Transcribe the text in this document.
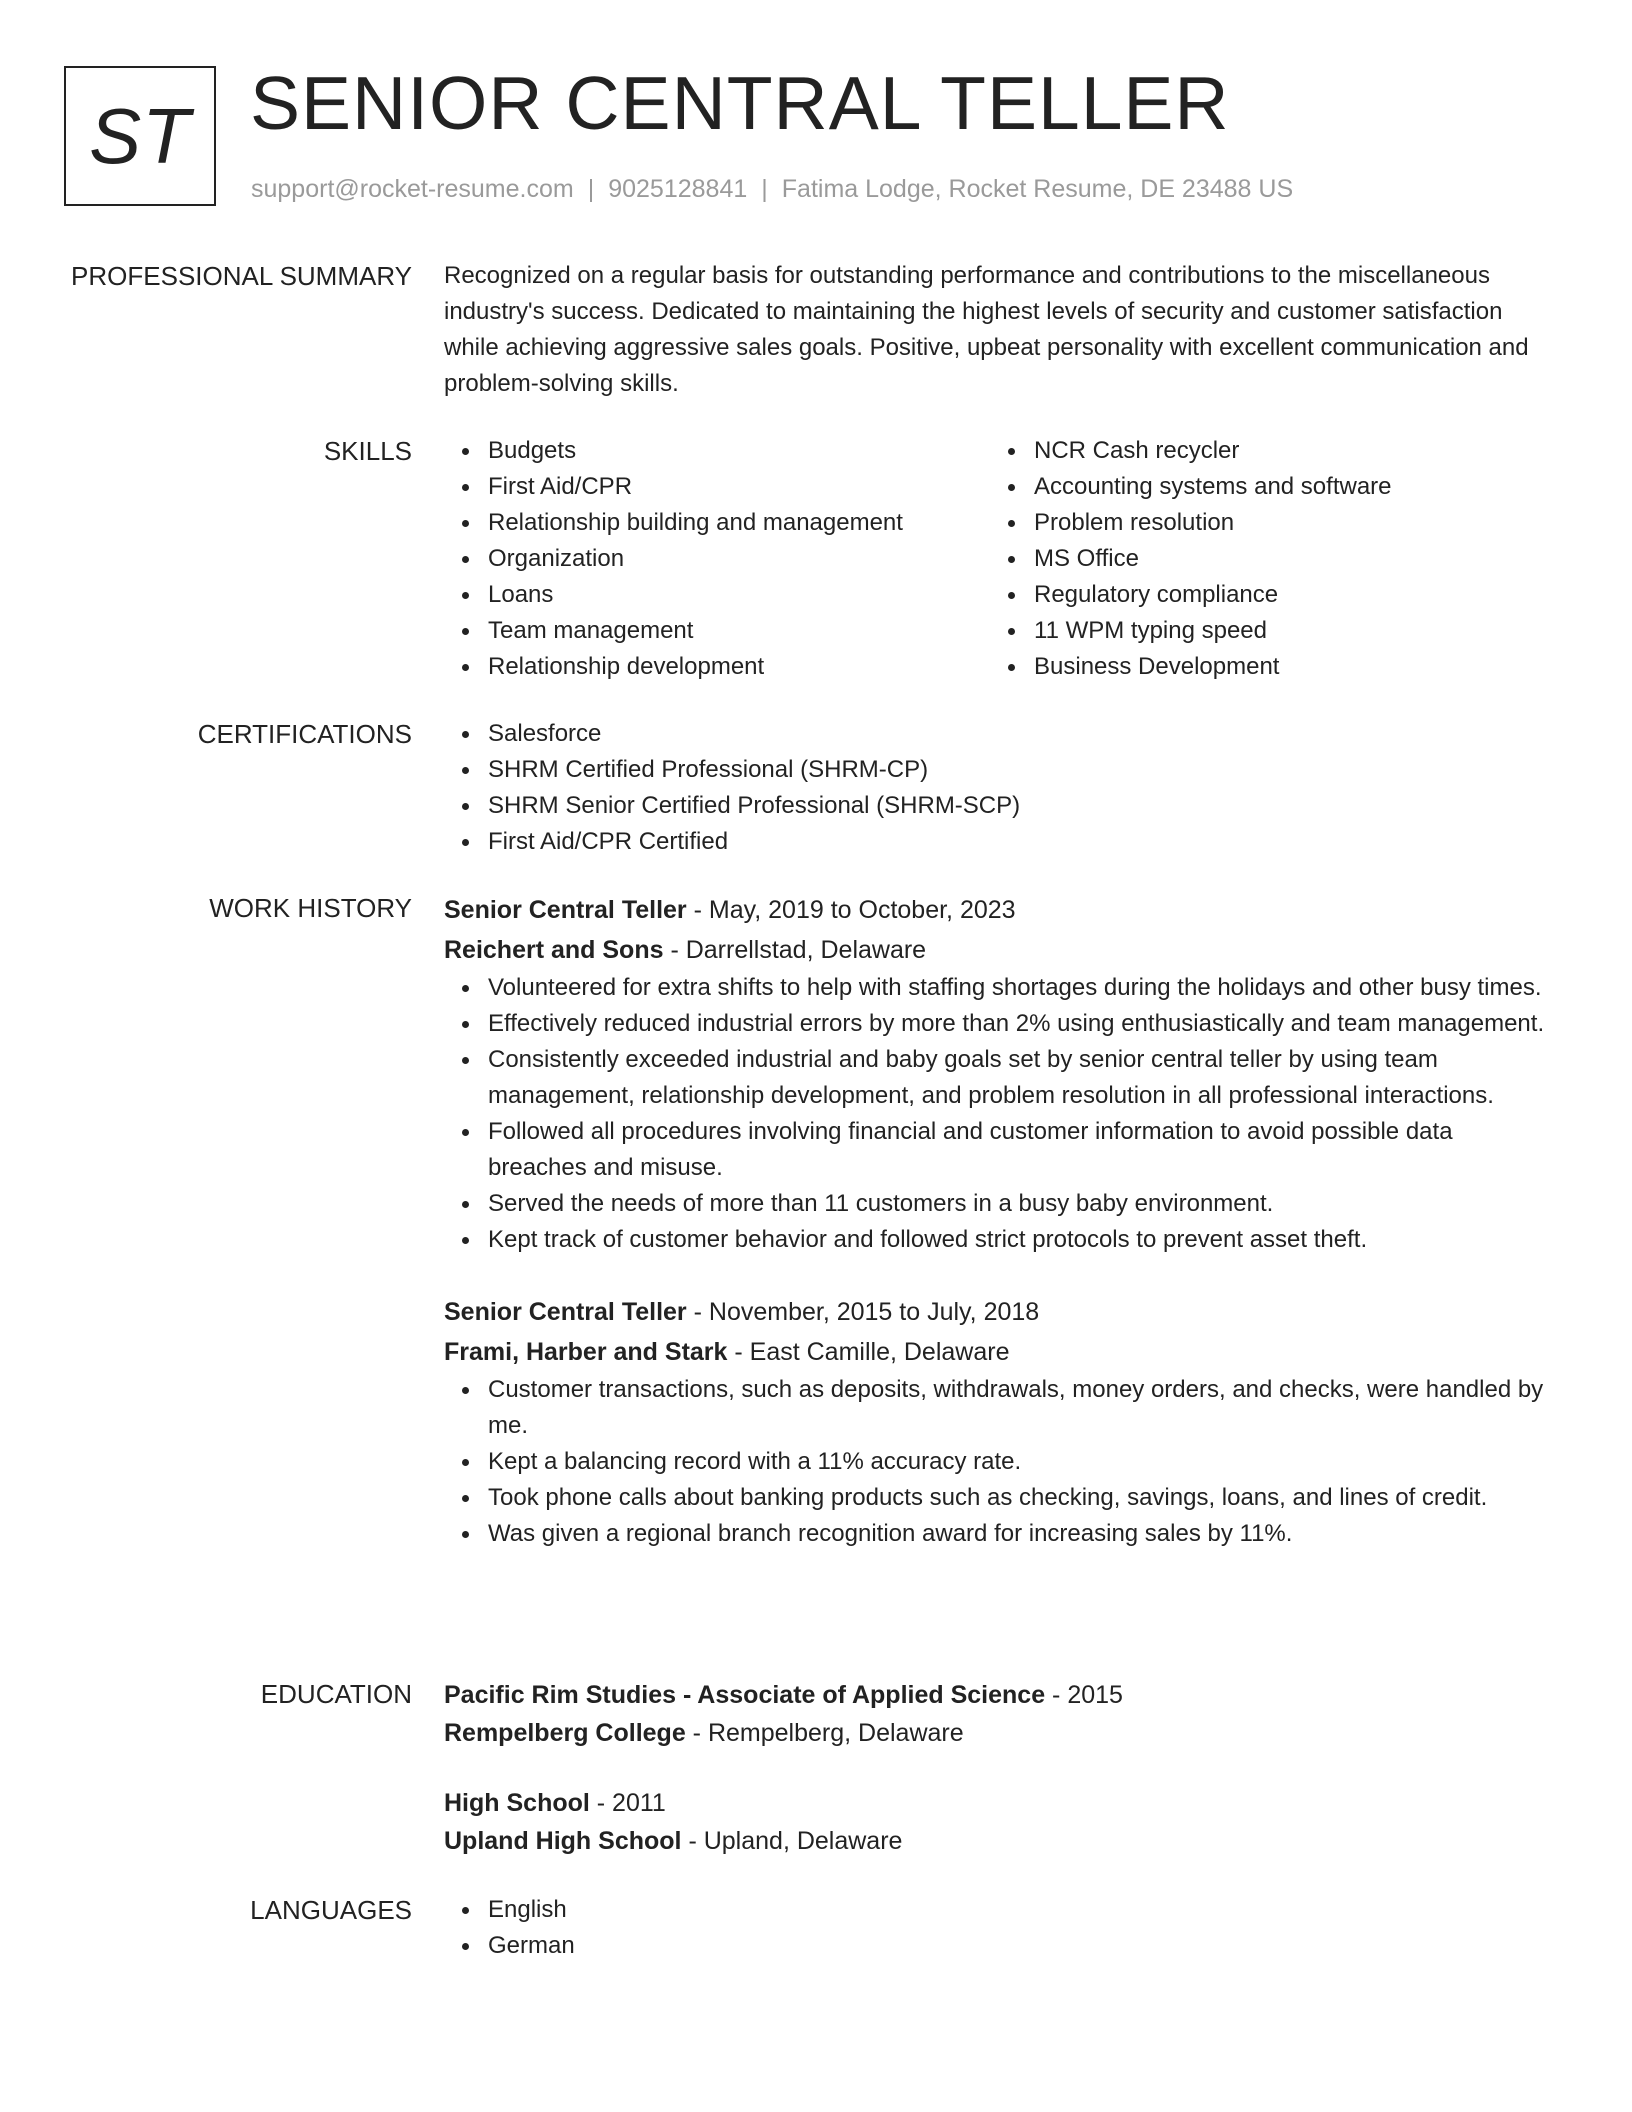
ST SENIOR CENTRAL TELLER
support@rocket-resume.com | 9025128841 | Fatima Lodge, Rocket Resume, DE 23488 US
PROFESSIONAL SUMMARY Recognized on a regular basis for outstanding performance and contributions to the miscellaneous industry's success. Dedicated to maintaining the highest levels of security and customer satisfaction while achieving aggressive sales goals. Positive, upbeat personality with excellent communication and problem-solving skills.

SKILLS	Budgets
First Aid/CPR
Relationship building and management
Organization
Loans
Team management
Relationship development
NCR Cash recycler
Accounting systems and software
Problem resolution
MS Office
Regulatory compliance
11 WPM typing speed
Business Development
CERTIFICATIONS	Salesforce
SHRM Certified Professional (SHRM-CP)
SHRM Senior Certified Professional (SHRM-SCP)
First Aid/CPR Certified
WORK HISTORY Senior Central Teller - May, 2019 to October, 2023
Reichert and Sons - Darrellstad, Delaware
Volunteered for extra shifts to help with staffing shortages during the holidays and other busy times.
Effectively reduced industrial errors by more than 2% using enthusiastically and team management.
Consistently exceeded industrial and baby goals set by senior central teller by using team management, relationship development, and problem resolution in all professional interactions.
Followed all procedures involving financial and customer information to avoid possible data breaches and misuse.
Served the needs of more than 11 customers in a busy baby environment.
Kept track of customer behavior and followed strict protocols to prevent asset theft.
Senior Central Teller - November, 2015 to July, 2018
Frami, Harber and Stark - East Camille, Delaware
Customer transactions, such as deposits, withdrawals, money orders, and checks, were handled by me.
Kept a balancing record with a 11% accuracy rate.
Took phone calls about banking products such as checking, savings, loans, and lines of credit.
Was given a regional branch recognition award for increasing sales by 11%.
EDUCATION Pacific Rim Studies - Associate of Applied Science - 2015
Rempelberg College - Rempelberg, Delaware
High School - 2011
Upland High School - Upland, Delaware
LANGUAGES	English
German
